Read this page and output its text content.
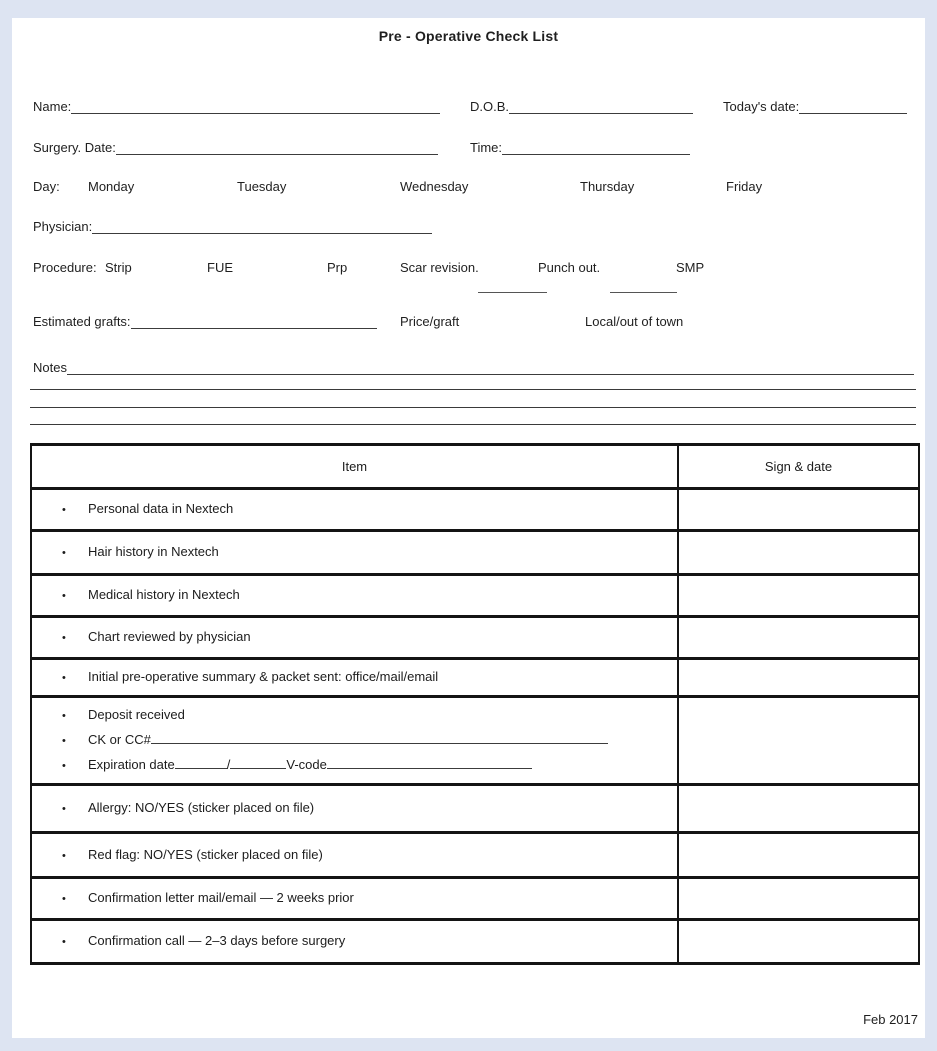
Pre - Operative Check List
Name:	D.O.B.	Today's date:
Surgery. Date:	Time:
Day: Monday	Tuesday	Wednesday	Thursday	Friday
Physician:
Procedure: Strip	FUE	Prp	Scar revision.	Punch out.	SMP
Estimated grafts:	Price/graft	Local/out of town
Notes
Item	Sign & date

• Personal data in Nextech	

• Hair history in Nextech	

• Medical history in Nextech	

• Chart reviewed by physician	

• Initial pre-operative summary & packet sent: office/mail/email	

•	Deposit received
•	CK or CC#
•	Expiration date	/	V-code

• Allergy: NO/YES (sticker placed on file)	

• Red flag: NO/YES (sticker placed on file)	

• Confirmation letter mail/email — 2 weeks prior	

• Confirmation call — 2–3 days before surgery	

Feb 2017
